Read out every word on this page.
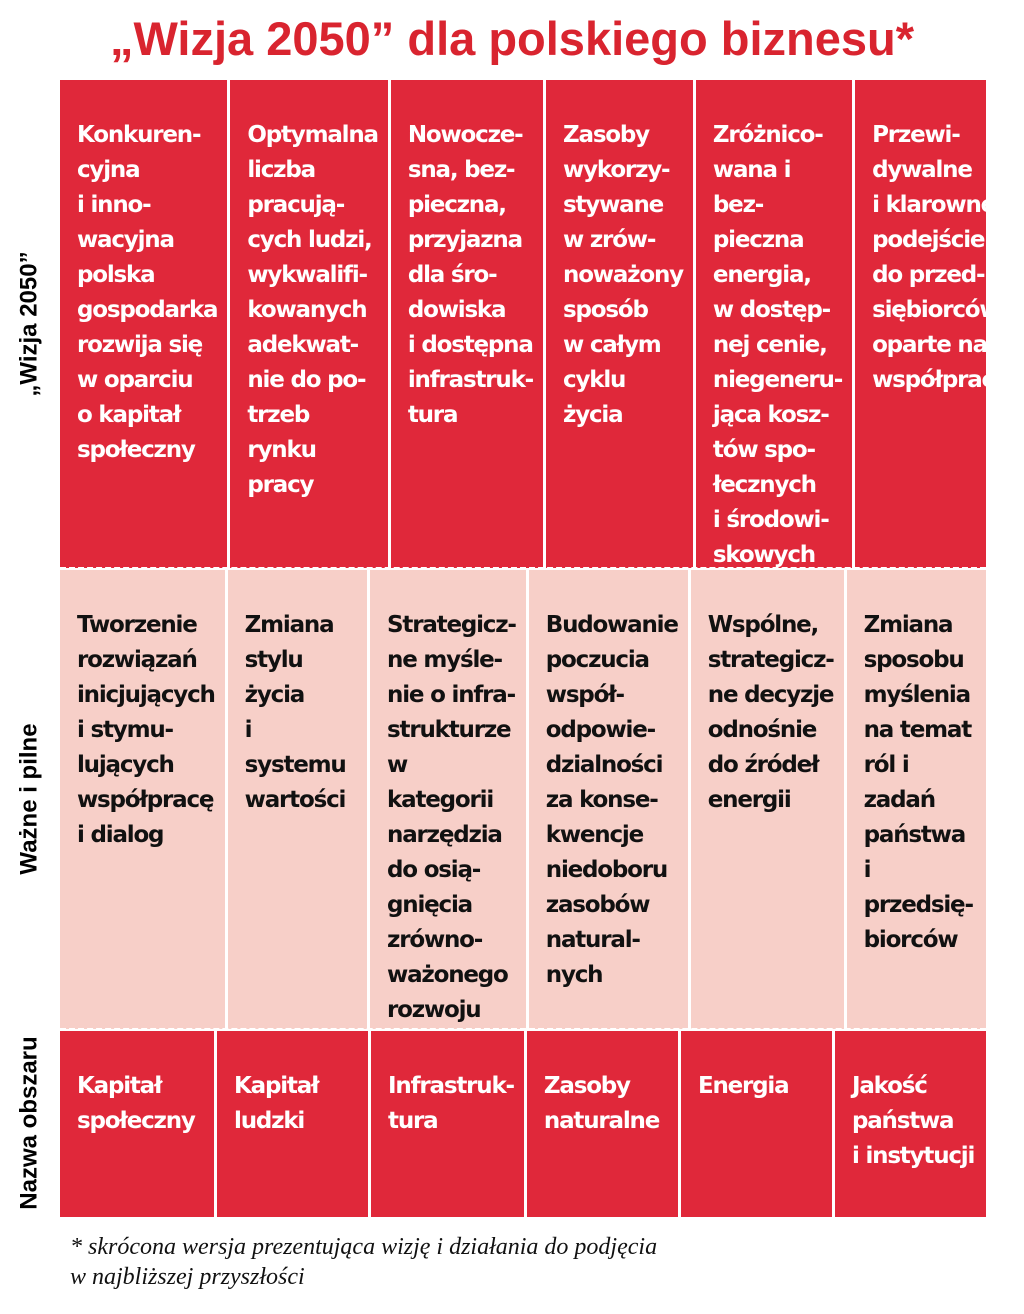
„Wizja 2050” dla polskiego biznesu*
„Wizja 2050”
Ważne i pilne
Nazwa obszaru
Konkuren-
cyjna
i inno-
wacyjna
polska
gospodarka
rozwija się
w oparciu
o kapitał
społeczny
Optymalna
liczba
pracują-
cych ludzi,
wykwalifi-
kowanych
adekwat-
nie do po-
trzeb rynku
pracy
Nowocze-
sna, bez-
pieczna,
przyjazna
dla śro-
dowiska
i dostępna
infrastruk-
tura
Zasoby
wykorzy-
stywane
w zrów-
noważony
sposób
w całym
cyklu życia
Zróżnico-
wana i bez-
pieczna
energia,
w dostęp-
nej cenie,
niegeneru-
jąca kosz-
tów spo-
łecznych
i środowi-
skowych
Przewi-
dywalne
i klarowne
podejście
do przed-
siębiorców
oparte na
współpracy
Tworzenie
rozwiązań
inicjujących
i stymu-
lujących
współpracę
i dialog
Zmiana
stylu życia
i systemu
wartości
Strategicz-
ne myśle-
nie o infra-
strukturze
w kategorii
narzędzia
do osią-
gnięcia
zrówno-
ważonego
rozwoju
Budowanie
poczucia
współ-
odpowie-
dzialności
za konse-
kwencje
niedoboru
zasobów
natural-
nych
Wspólne,
strategicz-
ne decyzje
odnośnie
do źródeł
energii
Zmiana
sposobu
myślenia
na temat
ról i zadań
państwa
i przedsię-
biorców
Kapitał
społeczny
Kapitał
ludzki
Infrastruk-
tura
Zasoby
naturalne
Energia	Jakość
państwa
i instytucji

* skrócona wersja prezentująca wizję i działania do podjęcia
w najbliższej przyszłości
